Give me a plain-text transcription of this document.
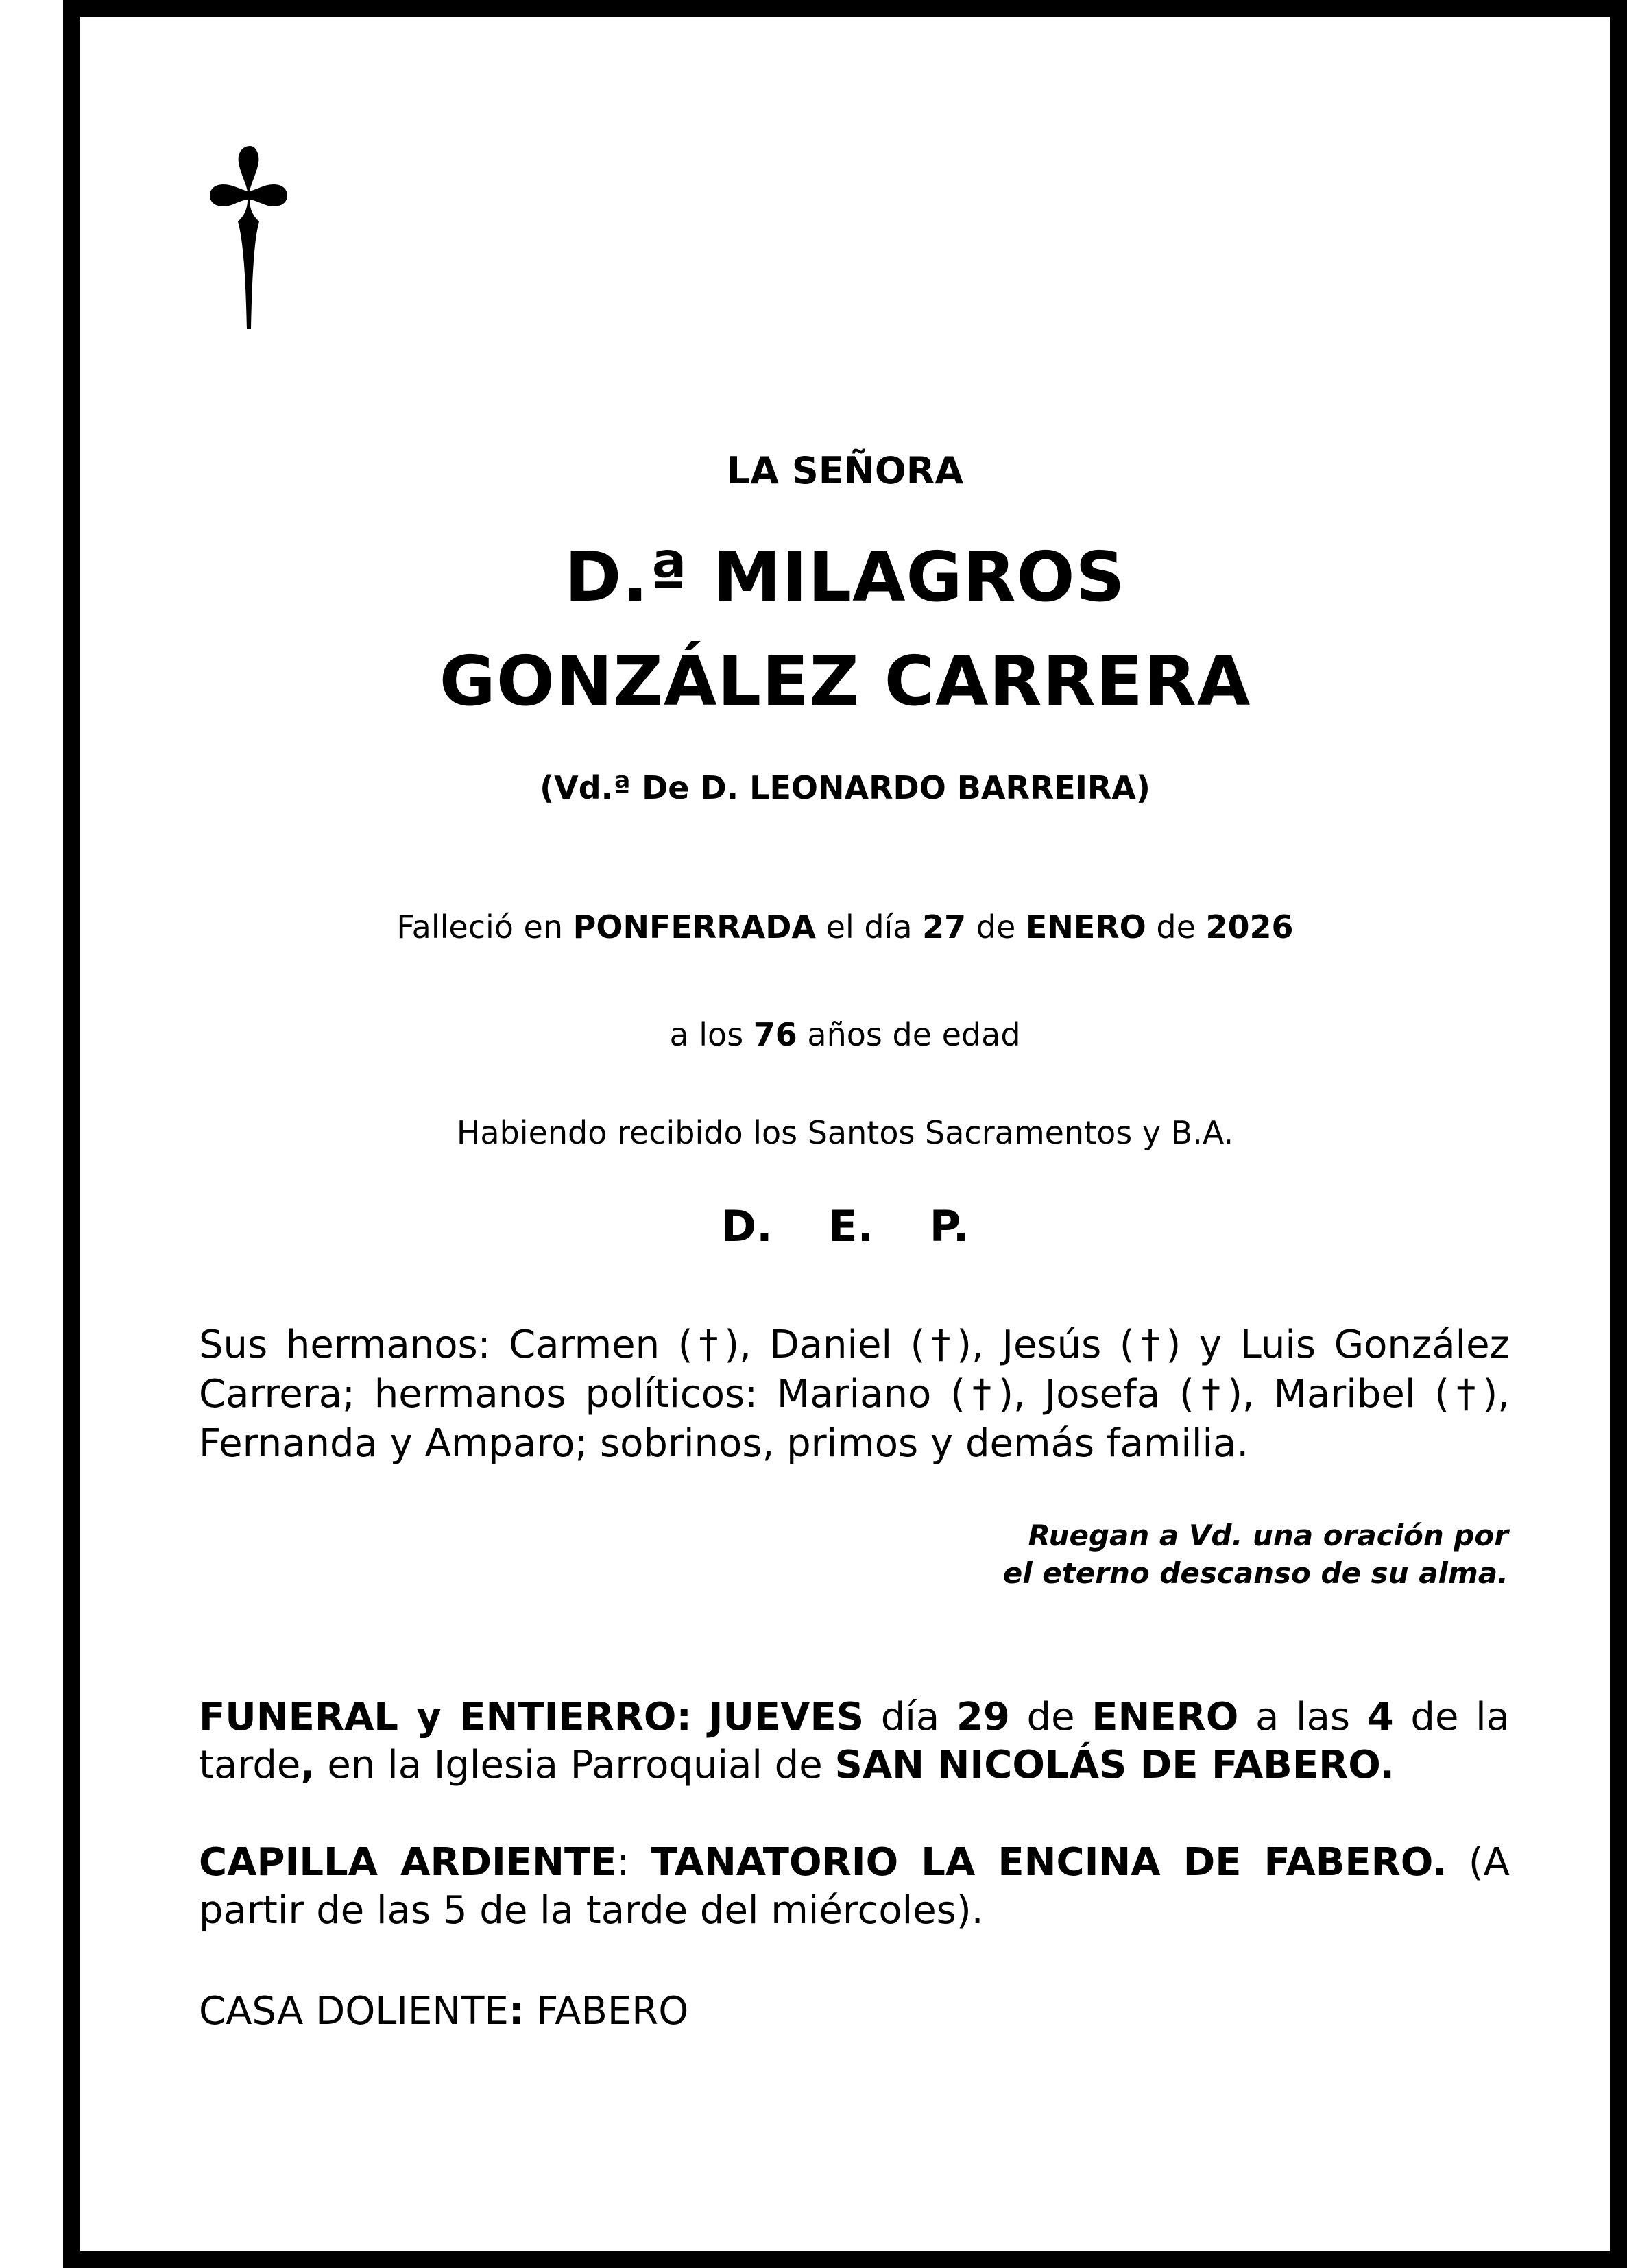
LA SEÑORA
D.ª MILAGROS
GONZÁLEZ CARRERA
(Vd.ª De D. LEONARDO BARREIRA)
Falleció en PONFERRADA el día 27 de ENERO de 2026
a los 76 años de edad
Habiendo recibido los Santos Sacramentos y B.A.
D. E. P.
Sus hermanos: Carmen (†), Daniel (†), Jesús (†) y Luis González Carrera; hermanos políticos: Mariano (†), Josefa (†), Maribel (†), Fernanda y Amparo; sobrinos, primos y demás familia.
Ruegan a Vd. una oración por
el eterno descanso de su alma.
FUNERAL y ENTIERRO: JUEVES día 29 de ENERO a las 4 de la tarde, en la Iglesia Parroquial de SAN NICOLÁS DE FABERO.
CAPILLA ARDIENTE: TANATORIO LA ENCINA DE FABERO. (A partir de las 5 de la tarde del miércoles).
CASA DOLIENTE: FABERO
